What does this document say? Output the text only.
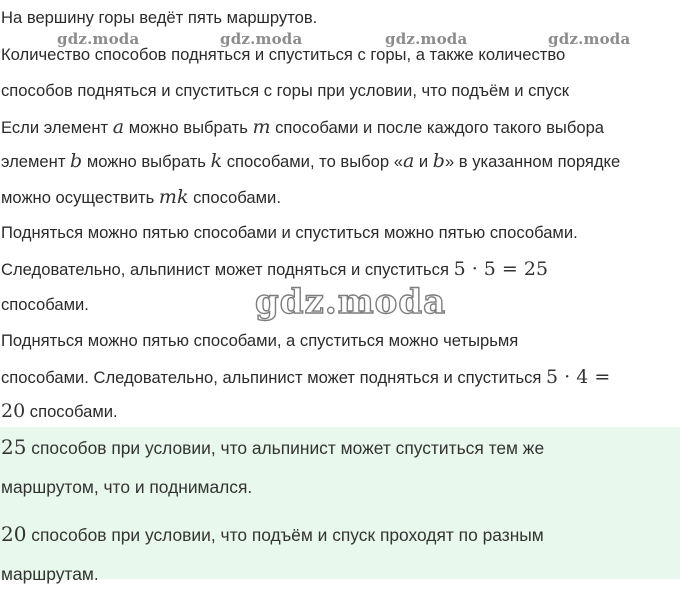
gdz.moda	gdz.moda	gdz.moda	gdz.moda

На вершину горы ведёт пять маршрутов.

Количество способов подняться и спуститься с горы, а также количество

способов подняться и спуститься с горы при условии, что подъём и спуск

Если элемент a можно выбрать m способами и после каждого такого выбора

элемент b можно выбрать k способами, то выбор «a и b» в указанном порядке

можно осуществить mk способами.

Подняться можно пятью способами и спуститься можно пятью способами.

Следовательно, альпинист может подняться и спуститься 5 · 5 = 25

способами.	gdz.moda

Подняться можно пятью способами, а спуститься можно четырьмя

способами. Следовательно, альпинист может подняться и спуститься 5 · 4 =

20 способами.

25 способов при условии, что альпинист может спуститься тем же

маршрутом, что и поднимался.

20 способов при условии, что подъём и спуск проходят по разным

маршрутам.
